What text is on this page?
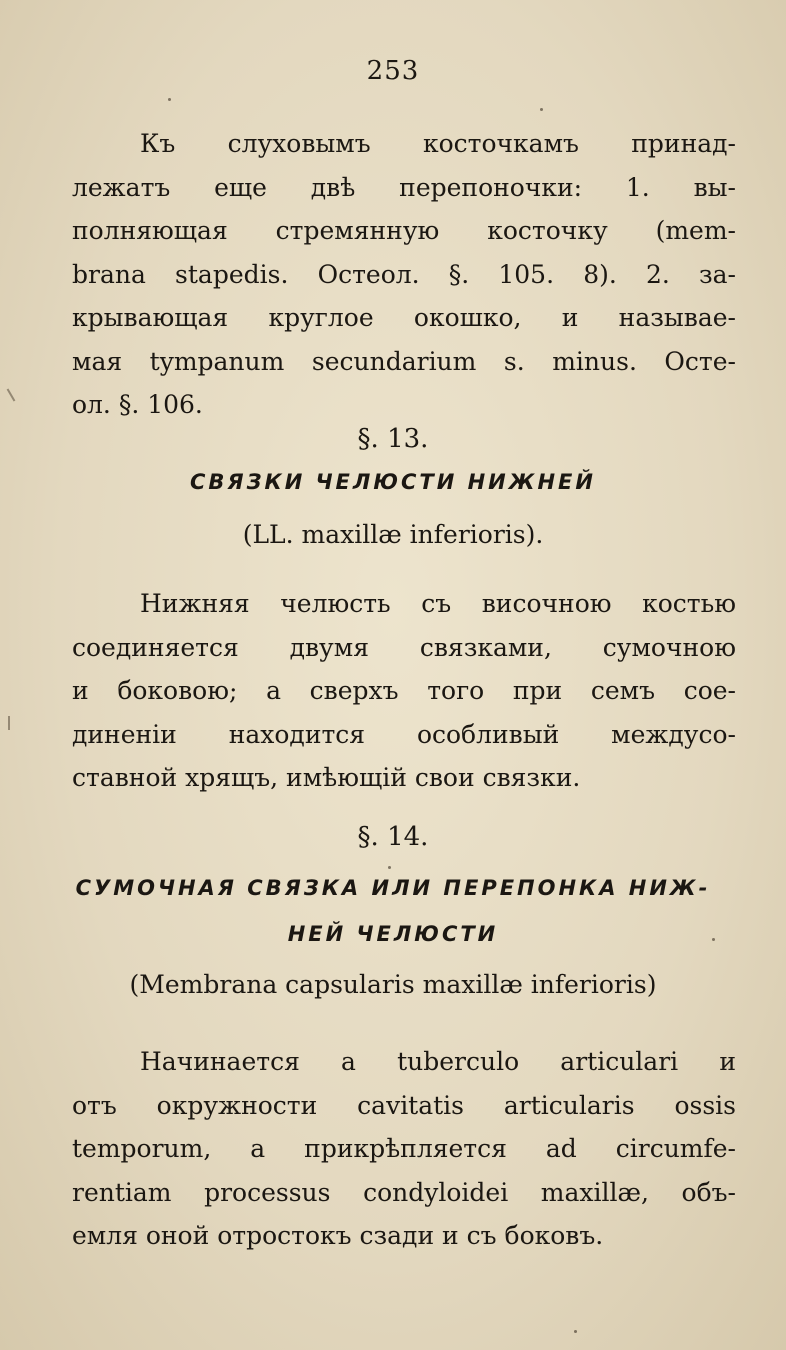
253
Къ слуховымъ косточкамъ принад-
лежатъ еще двѣ перепоночки: 1. вы-
полняющая стремянную косточку (mem-
brana stapedis. Остеол. §. 105. 8). 2. за-
крывающая круглое окошко, и называе-
мая tympanum secundarium s. minus. Осте-
ол. §. 106.
§. 13.
СВЯЗКИ ЧЕЛЮСТИ НИЖНЕЙ
(LL. maxillæ inferioris).
Нижняя челюсть съ височною костью
соединяется двумя связками, сумочною
и боковою; а сверхъ того при семъ сое-
диненіи находится особливый междусо-
ставной хрящъ, имѣющій свои связки.
§. 14.
СУМОЧНАЯ СВЯЗКА ИЛИ ПЕРЕПОНКА НИЖ-
НЕЙ ЧЕЛЮСТИ
(Membrana capsularis maxillæ inferioris)
Начинается a tuberculo articulari и
отъ окружности cavitatis articularis ossis
temporum, а прикрѣпляется ad circumfe-
rentiam processus condyloidei maxillæ, объ-
емля оной отростокъ сзади и съ боковъ.
